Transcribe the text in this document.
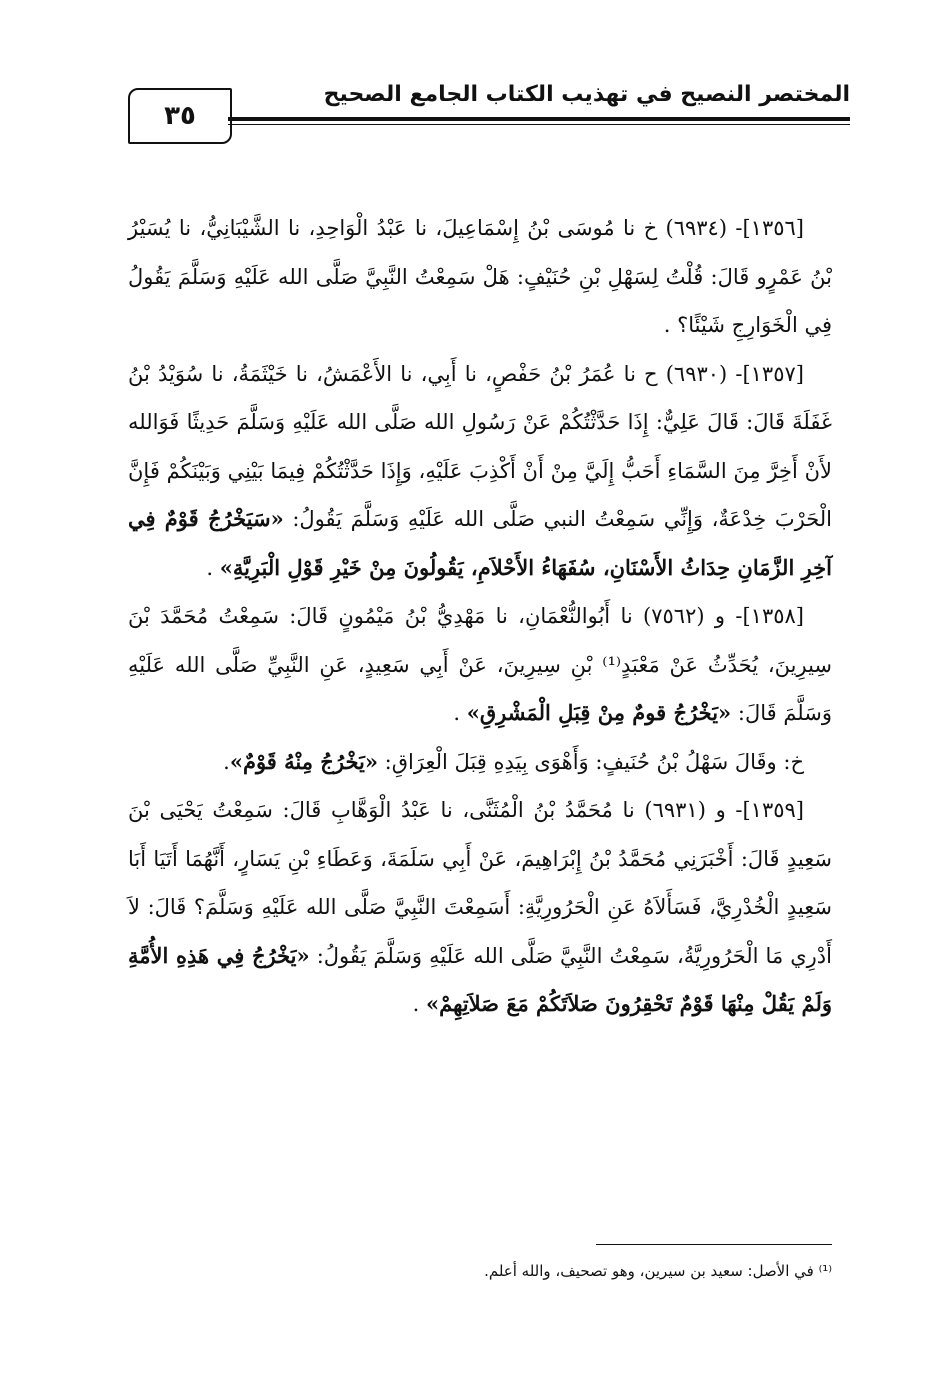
المختصر النصيح في تهذيب الكتاب الجامع الصحيح
٣٥

[١٣٥٦]- (٦٩٣٤) خ نا مُوسَى بْنُ إِسْمَاعِيلَ، نا عَبْدُ الْوَاحِدِ، نا الشَّيْبَانِيُّ، نا يُسَيْرُ بْنُ عَمْرٍو قَالَ: قُلْتُ لِسَهْلِ بْنِ حُنَيْفٍ: هَلْ سَمِعْتُ النَّبِيَّ صَلَّى الله عَلَيْهِ وَسَلَّمَ يَقُولُ فِي الْخَوَارِجِ شَيْئًا؟ .

[١٣٥٧]- (٦٩٣٠) ح نا عُمَرُ بْنُ حَفْصٍ، نا أَبِي، نا الأَعْمَشُ، نا خَيْثَمَةُ، نا سُوَيْدُ بْنُ غَفَلَةَ قَالَ: قَالَ عَلِيٌّ: إِذَا حَدَّثْتُكُمْ عَنْ رَسُولِ الله صَلَّى الله عَلَيْهِ وَسَلَّمَ حَدِيثًا فَوَالله لأَنْ أَخِرَّ مِنَ السَّمَاءِ أَحَبُّ إِلَيَّ مِنْ أَنْ أَكْذِبَ عَلَيْهِ، وَإِذَا حَدَّثْتُكُمْ فِيمَا بَيْنِي وَبَيْنَكُمْ فَإِنَّ الْحَرْبَ خِدْعَةٌ، وَإِنِّي سَمِعْتُ النبي صَلَّى الله عَلَيْهِ وَسَلَّمَ يَقُولُ: «سَيَخْرُجُ قَوْمٌ فِي آخِرِ الزَّمَانِ حِدَاثُ الأَسْنَانِ، سُفَهَاءُ الأَحْلاَمِ، يَقُولُونَ مِنْ خَيْرِ قَوْلِ الْبَرِيَّةِ» .

[١٣٥٨]- و (٧٥٦٢) نا أَبُوالنُّعْمَانِ، نا مَهْدِيُّ بْنُ مَيْمُونٍ قَالَ: سَمِعْتُ مُحَمَّدَ بْنَ سِيرِينَ، يُحَدِّثُ عَنْ مَعْبَدٍ⁽¹⁾ بْنِ سِيرِينَ، عَنْ أَبِي سَعِيدٍ، عَنِ النَّبِيِّ صَلَّى الله عَلَيْهِ وَسَلَّمَ قَالَ: «يَخْرُجُ قومٌ مِنْ قِبَلِ الْمَشْرِقِ» .

خ: وقَالَ سَهْلُ بْنُ حُنَيفٍ: وَأَهْوَى بِيَدِهِ قِبَلَ الْعِرَاقِ: «يَخْرُجُ مِنْهُ قَوْمٌ».

[١٣٥٩]- و (٦٩٣١) نا مُحَمَّدُ بْنُ الْمُثَنَّى، نا عَبْدُ الْوَهَّابِ قَالَ: سَمِعْتُ يَحْيَى بْنَ سَعِيدٍ قَالَ: أَخْبَرَنِي مُحَمَّدُ بْنُ إِبْرَاهِيمَ، عَنْ أَبِي سَلَمَةَ، وَعَطَاءِ بْنِ يَسَارٍ، أَنَّهُمَا أَتَيَا أَبَا سَعِيدٍ الْخُدْرِيَّ، فَسَأَلاَهُ عَنِ الْحَرُورِيَّةِ: أَسَمِعْتَ النَّبِيَّ صَلَّى الله عَلَيْهِ وَسَلَّمَ؟ قَالَ: لاَ أَدْرِي مَا الْحَرُورِيَّةُ، سَمِعْتُ النَّبِيَّ صَلَّى الله عَلَيْهِ وَسَلَّمَ يَقُولُ: «يَخْرُجُ فِي هَذِهِ الأُمَّةِ وَلَمْ يَقُلْ مِنْهَا قَوْمٌ تَحْقِرُونَ صَلاَتَكُمْ مَعَ صَلاَتِهِمْ» .

⁽¹⁾ في الأصل: سعيد بن سيرين، وهو تصحيف، والله أعلم.
